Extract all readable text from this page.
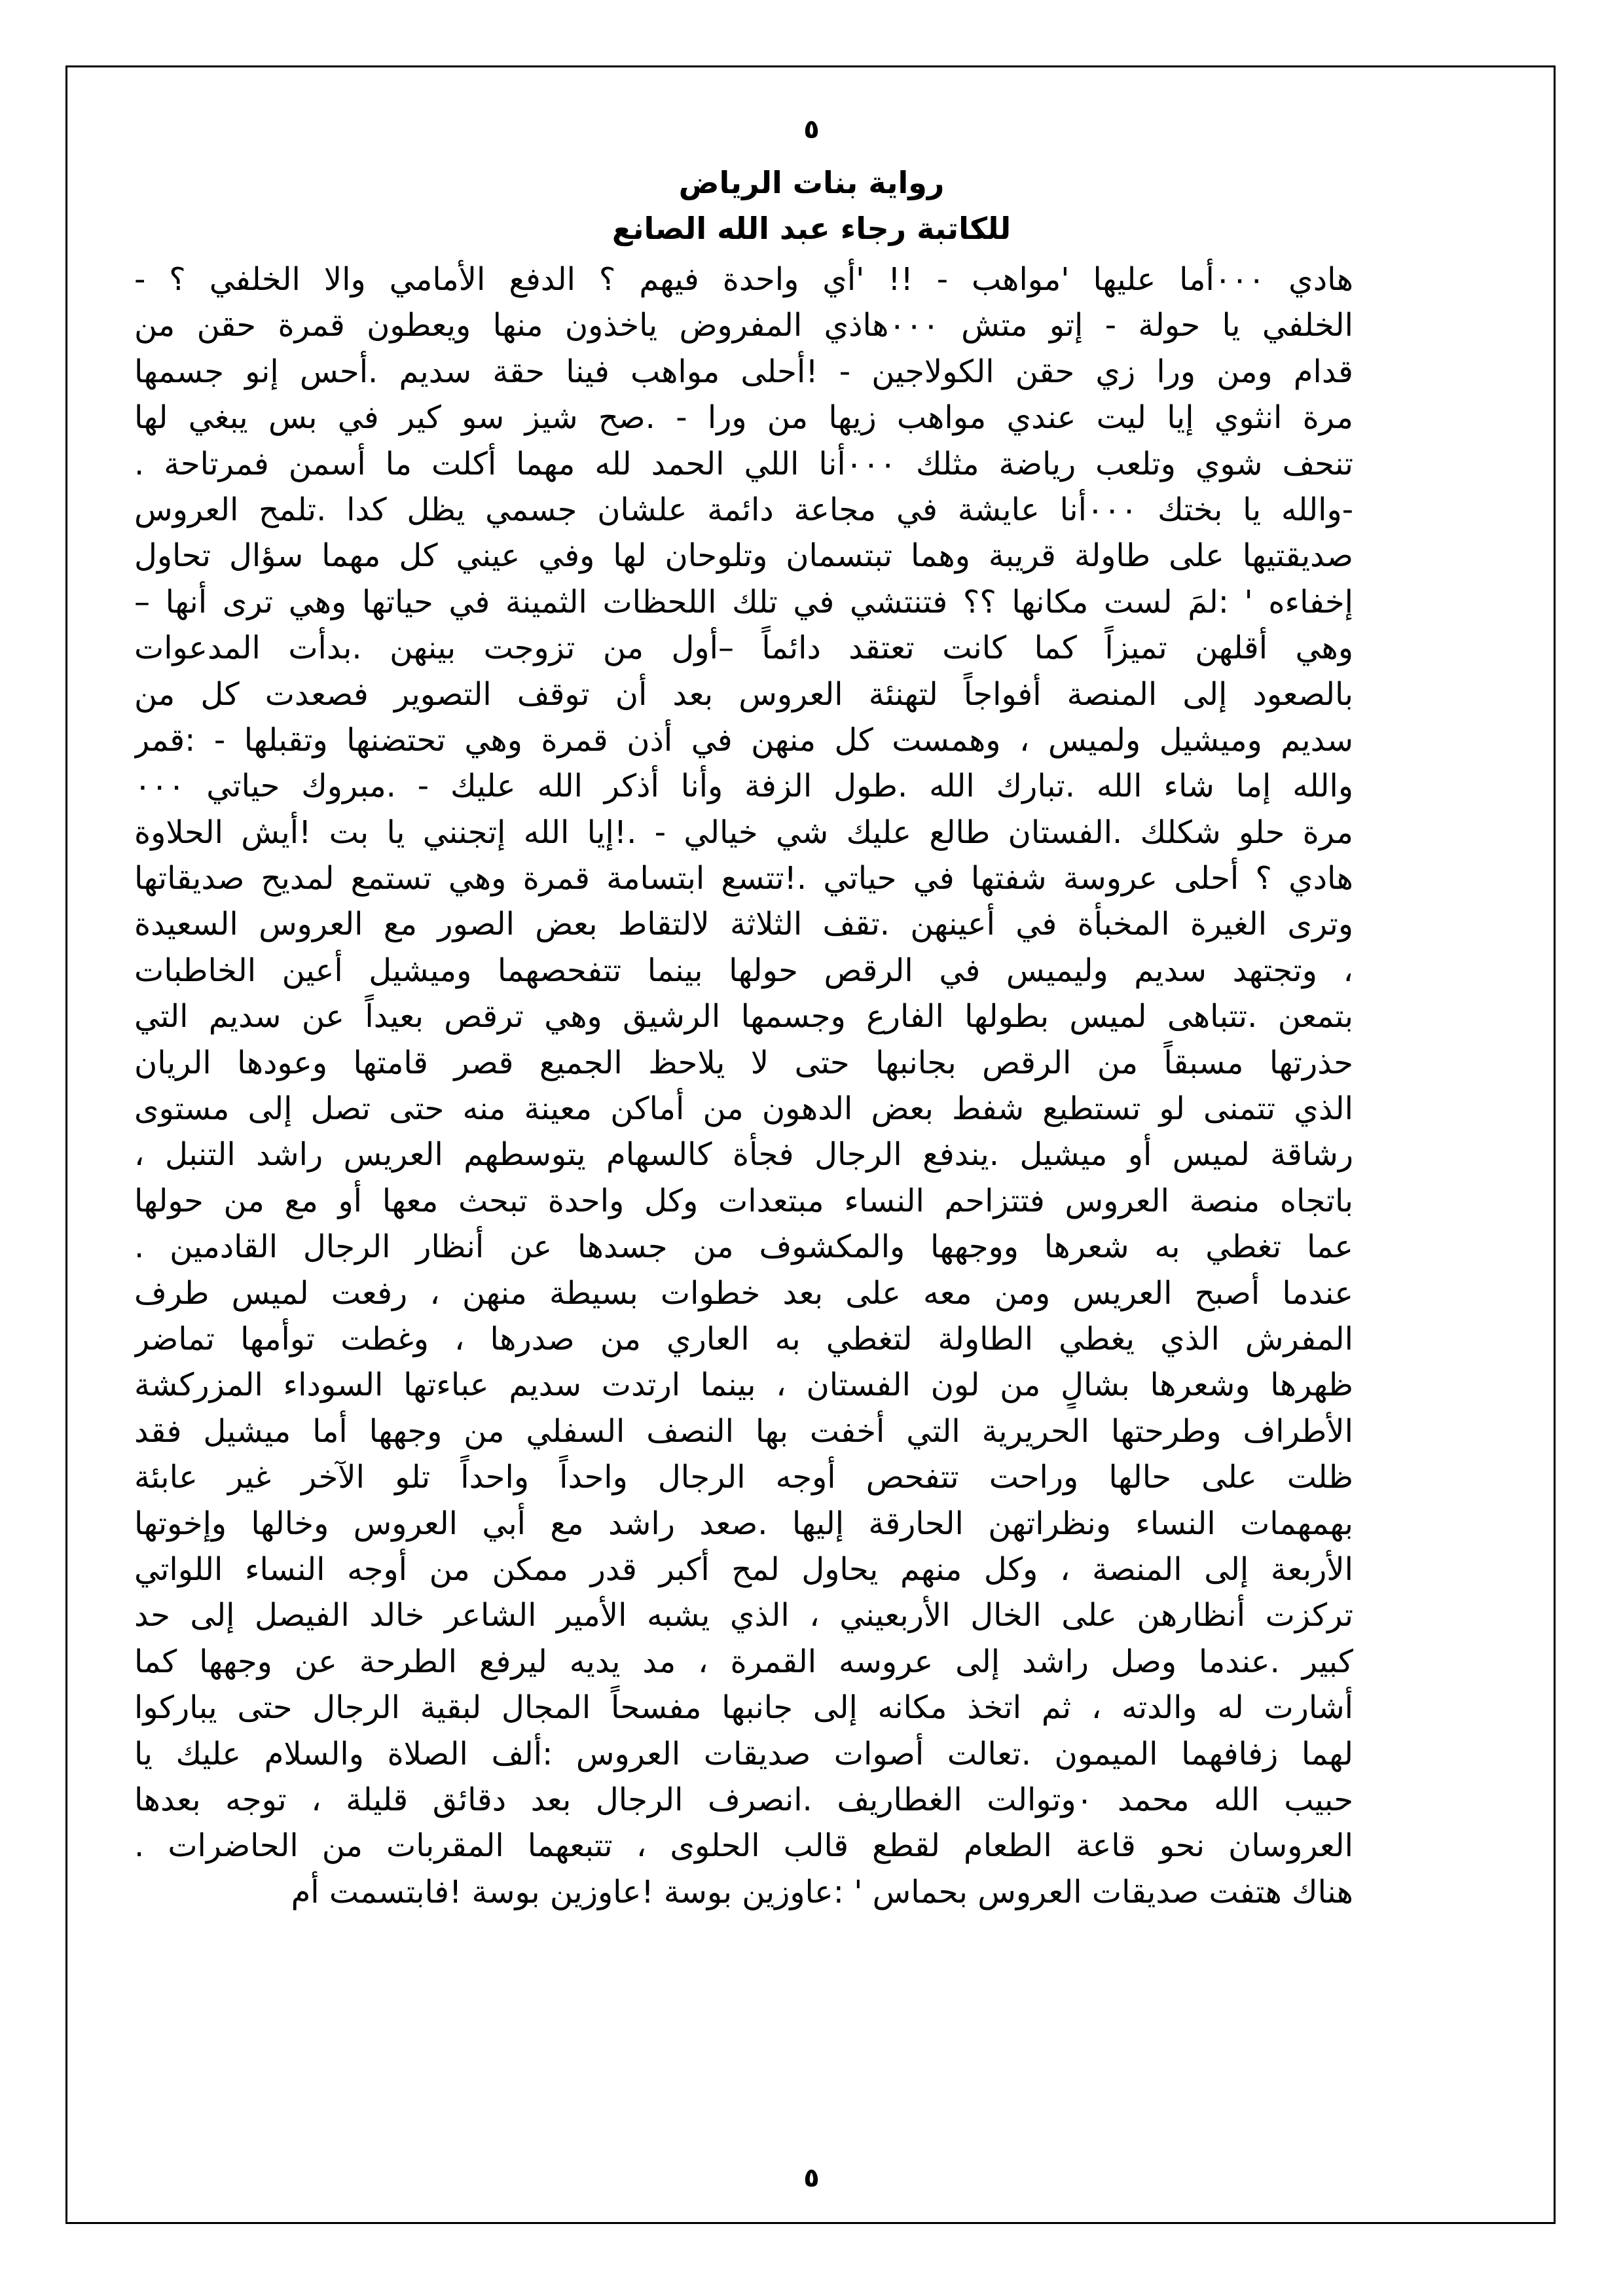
٥
رواية بنات الرياض
للكاتبة رجاء عبد الله الصانع
هادي ٠٠٠أما عليها 'مواهب - !! 'أي واحدة فيهم ؟ الدفع الأمامي والا الخلفي ؟ -
الخلفي يا حولة - إتو متش ٠٠٠هاذي المفروض ياخذون منها ويعطون قمرة حقن من
قدام ومن ورا زي حقن الكولاجين - !أحلى مواهب فينا حقة سديم .أحس إنو جسمها
مرة انثوي إيا ليت عندي مواهب زيها من ورا - .صح شيز سو كير في بس يبغي لها
تنحف شوي وتلعب رياضة مثلك ٠٠٠أنا اللي الحمد لله مهما أكلت ما أسمن فمرتاحة .
-والله يا بختك ٠٠٠أنا عايشة في مجاعة دائمة علشان جسمي يظل كدا .تلمح العروس
صديقتيها على طاولة قريبة وهما تبتسمان وتلوحان لها وفي عيني كل مهما سؤال تحاول
إخفاءه ' :لمَ لست مكانها ؟؟ فتنتشي في تلك اللحظات الثمينة في حياتها وهي ترى أنها –
وهي أقلهن تميزاً كما كانت تعتقد دائماً –أول من تزوجت بينهن .بدأت المدعوات
بالصعود إلى المنصة أفواجاً لتهنئة العروس بعد أن توقف التصوير فصعدت كل من
سديم وميشيل ولميس ، وهمست كل منهن في أذن قمرة وهي تحتضنها وتقبلها - :قمر
والله إما شاء الله .تبارك الله .طول الزفة وأنا أذكر الله عليك - .مبروك حياتي ٠٠٠
مرة حلو شكلك .الفستان طالع عليك شي خيالي - .!إيا الله إتجنني يا بت !أيش الحلاوة
هادي ؟ أحلى عروسة شفتها في حياتي .!تتسع ابتسامة قمرة وهي تستمع لمديح صديقاتها
وترى الغيرة المخبأة في أعينهن .تقف الثلاثة لالتقاط بعض الصور مع العروس السعيدة
، وتجتهد سديم وليميس في الرقص حولها بينما تتفحصهما وميشيل أعين الخاطبات
بتمعن .تتباهى لميس بطولها الفارع وجسمها الرشيق وهي ترقص بعيداً عن سديم التي
حذرتها مسبقاً من الرقص بجانبها حتى لا يلاحظ الجميع قصر قامتها وعودها الريان
الذي تتمنى لو تستطيع شفط بعض الدهون من أماكن معينة منه حتى تصل إلى مستوى
رشاقة لميس أو ميشيل .يندفع الرجال فجأة كالسهام يتوسطهم العريس راشد التنبل ،
باتجاه منصة العروس فتتزاحم النساء مبتعدات وكل واحدة تبحث معها أو مع من حولها
عما تغطي به شعرها ووجهها والمكشوف من جسدها عن أنظار الرجال القادمين .
عندما أصبح العريس ومن معه على بعد خطوات بسيطة منهن ، رفعت لميس طرف
المفرش الذي يغطي الطاولة لتغطي به العاري من صدرها ، وغطت توأمها تماضر
ظهرها وشعرها بشالٍ من لون الفستان ، بينما ارتدت سديم عباءتها السوداء المزركشة
الأطراف وطرحتها الحريرية التي أخفت بها النصف السفلي من وجهها أما ميشيل فقد
ظلت على حالها وراحت تتفحص أوجه الرجال واحداً واحداً تلو الآخر غير عابئة
بهمهمات النساء ونظراتهن الحارقة إليها .صعد راشد مع أبي العروس وخالها وإخوتها
الأربعة إلى المنصة ، وكل منهم يحاول لمح أكبر قدر ممكن من أوجه النساء اللواتي
تركزت أنظارهن على الخال الأربعيني ، الذي يشبه الأمير الشاعر خالد الفيصل إلى حد
كبير .عندما وصل راشد إلى عروسه القمرة ، مد يديه ليرفع الطرحة عن وجهها كما
أشارت له والدته ، ثم اتخذ مكانه إلى جانبها مفسحاً المجال لبقية الرجال حتى يباركوا
لهما زفافهما الميمون .تعالت أصوات صديقات العروس :ألف الصلاة والسلام عليك يا
حبيب الله محمد ٠وتوالت الغطاريف .انصرف الرجال بعد دقائق قليلة ، توجه بعدها
العروسان نحو قاعة الطعام لقطع قالب الحلوى ، تتبعهما المقربات من الحاضرات .
هناك هتفت صديقات العروس بحماس ' :عاوزين بوسة !عاوزين بوسة !فابتسمت أم
٥
